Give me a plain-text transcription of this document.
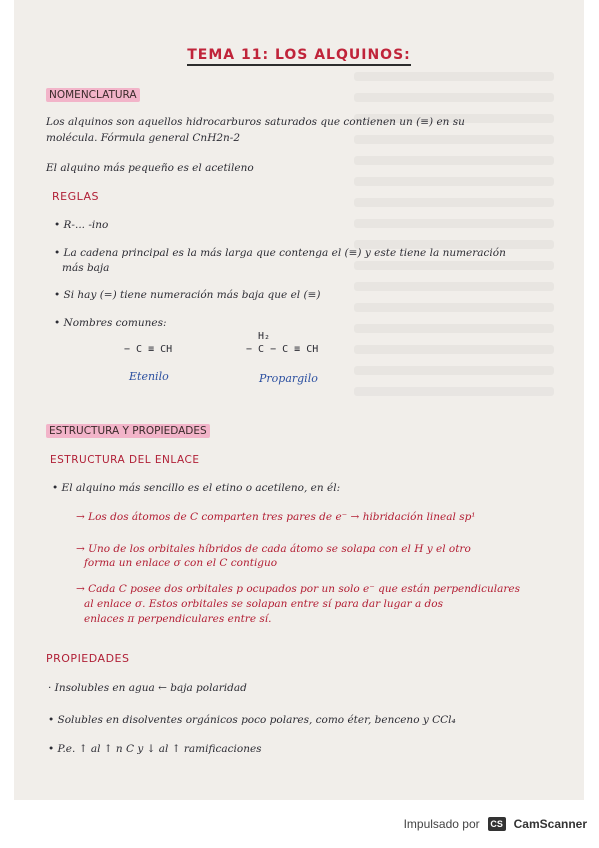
TEMA 11: LOS ALQUINOS:
NOMENCLATURA
Los alquinos son aquellos hidrocarburos saturados que contienen un (≡) en su
molécula. Fórmula general CnH2n-2
El alquino más pequeño es el acetileno
REGLAS
• R-... -ino
• La cadena principal es la más larga que contenga el (≡) y este tiene la numeración
más baja
• Si hay (=) tiene numeración más baja que el (≡)
• Nombres comunes:
− C ≡ CH
H₂
− C − C ≡ CH
Etenilo	Propargilo
ESTRUCTURA Y PROPIEDADES
ESTRUCTURA DEL ENLACE
• El alquino más sencillo es el etino o acetileno, en él:
→ Los dos átomos de C comparten tres pares de e⁻ → hibridación lineal sp¹
→ Uno de los orbitales híbridos de cada átomo se solapa con el H y el otro
forma un enlace σ con el C contiguo
→ Cada C posee dos orbitales p ocupados por un solo e⁻ que están perpendiculares
al enlace σ. Estos orbitales se solapan entre sí para dar lugar a dos
enlaces π perpendiculares entre sí.
PROPIEDADES
· Insolubles en agua ← baja polaridad
• Solubles en disolventes orgánicos poco polares, como éter, benceno y CCl₄
• P.e. ↑ al ↑ n C y ↓ al ↑ ramificaciones
Impulsado por	CS CamScanner
